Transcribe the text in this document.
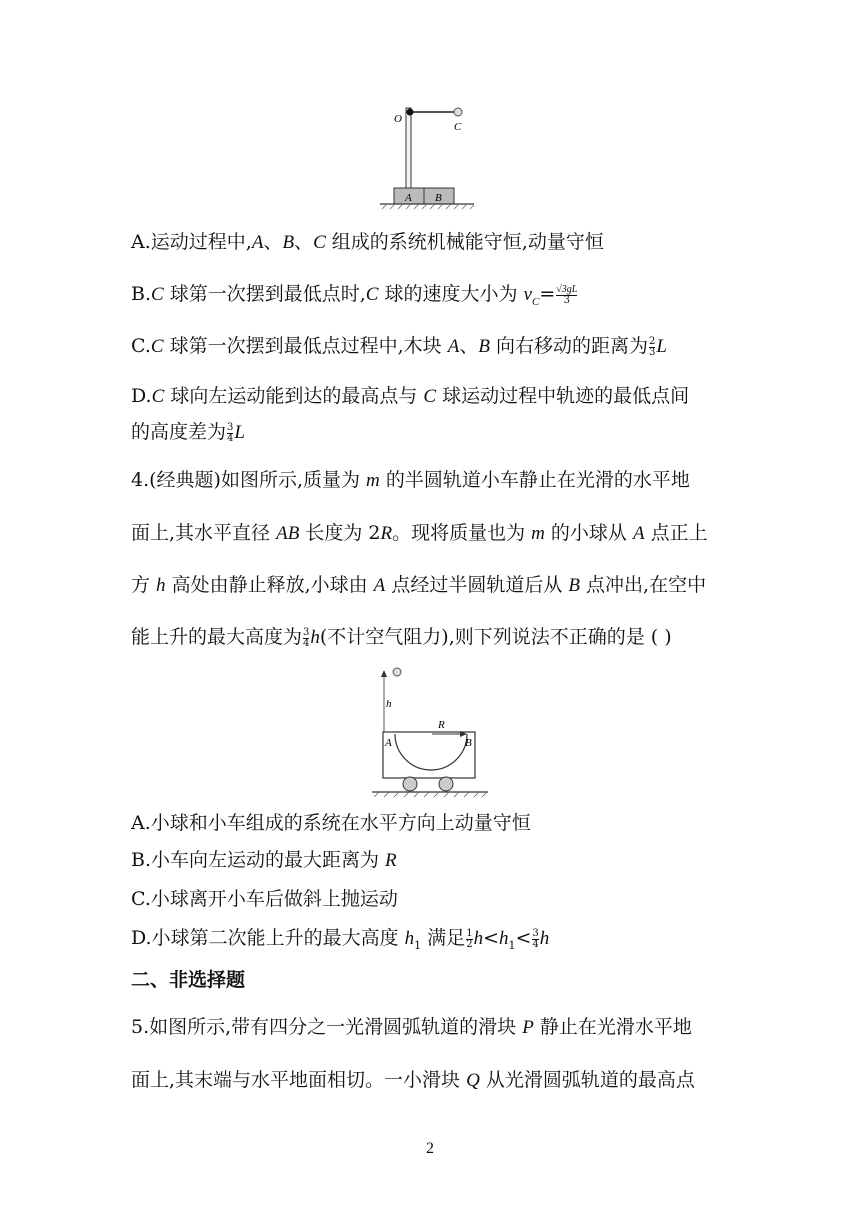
O
C
A B
A.运动过程中,A、B、C 组成的系统机械能守恒,动量守恒
B.C 球第一次摆到最低点时,C 球的速度大小为 $v_C= \frac{√3gL}{3}$
C.C 球第一次摆到最低点过程中,木块 A、B 向右移动的距离为 $\frac{2}{3}$ L
D.C 球向左运动能到达的最高点与 C 球运动过程中轨迹的最低点间
的高度差为 $\frac{3}{4}$ L
4.(经典题)如图所示,质量为 m 的半圆轨道小车静止在光滑的水平地
面上,其水平直径 AB 长度为 2R。现将质量也为 m 的小球从 A 点正上
方 h 高处由静止释放,小球由 A 点经过半圆轨道后从 B 点冲出,在空中
能上升的最大高度为 $\frac{3}{4} h$(不计空气阻力),则下列说法不正确的是 ( )
h
R
A	B
A.小球和小车组成的系统在水平方向上动量守恒
B.小车向左运动的最大距离为 R
C.小球离开小车后做斜上抛运动
D.小球第二次能上升的最大高度 $h_1$ 满足 $\frac{1}{2} h<h_1< \frac{3}{4}$ h
二、非选择题
5.如图所示,带有四分之一光滑圆弧轨道的滑块 P 静止在光滑水平地
面上,其末端与水平地面相切。一小滑块 Q 从光滑圆弧轨道的最高点
2
